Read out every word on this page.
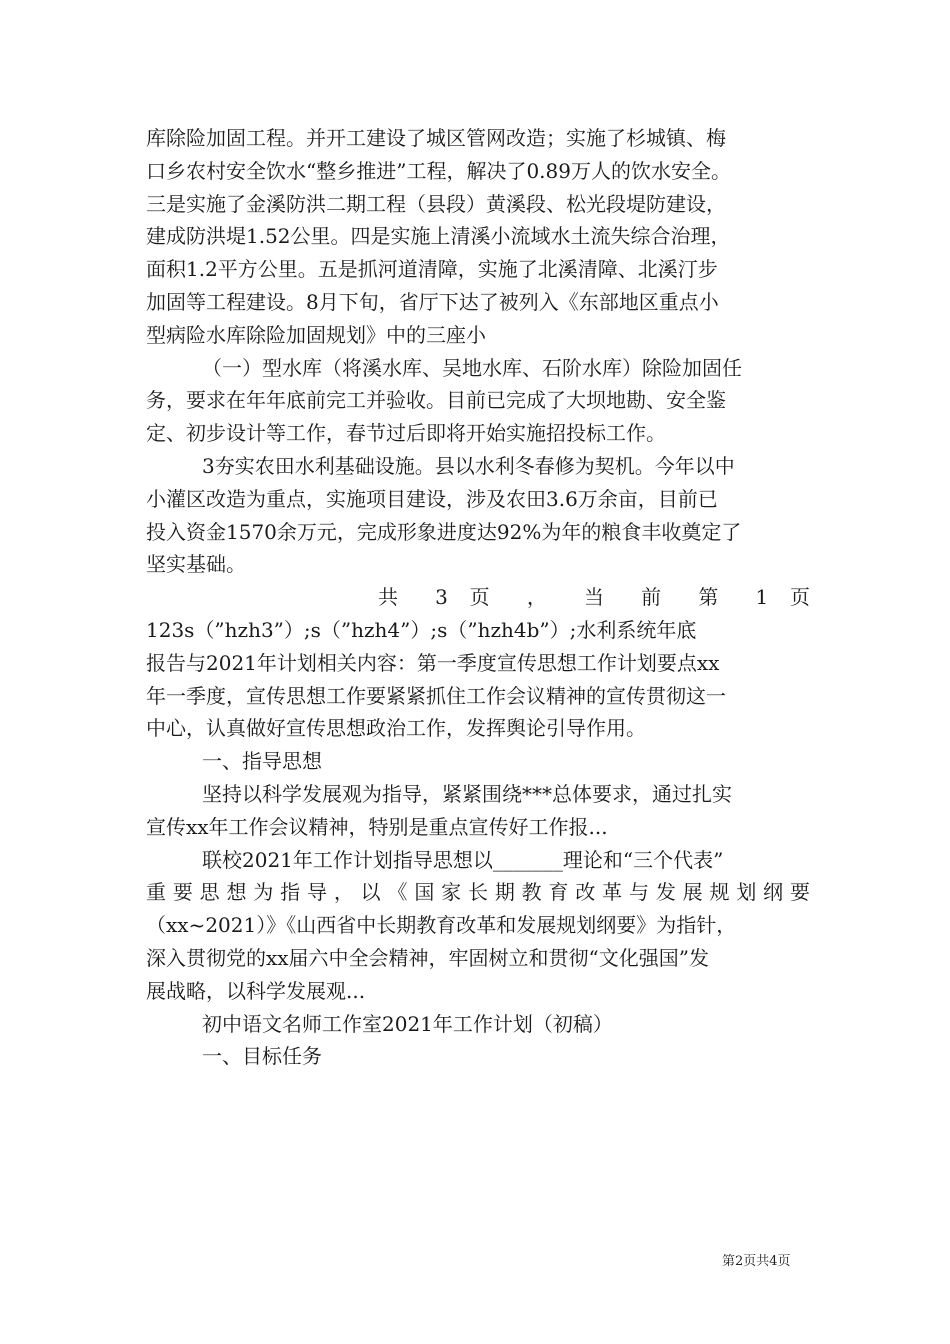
库除险加固工程。并开工建设了城区管网改造；实施了杉城镇、梅

口乡农村安全饮水“整乡推进”工程，解决了0.89万人的饮水安全。

三是实施了金溪防洪二期工程（县段）黄溪段、松光段堤防建设，

建成防洪堤1.52公里。四是实施上清溪小流域水土流失综合治理，

面积1.2平方公里。五是抓河道清障，实施了北溪清障、北溪汀步

加固等工程建设。8月下旬，省厅下达了被列入《东部地区重点小

型病险水库除险加固规划》中的三座小

（一）型水库（将溪水库、吴地水库、石阶水库）除险加固任

务，要求在年年底前完工并验收。目前已完成了大坝地勘、安全鉴

定、初步设计等工作，春节过后即将开始实施招投标工作。

3夯实农田水利基础设施。县以水利冬春修为契机。今年以中

小灌区改造为重点，实施项目建设，涉及农田3.6万余亩，目前已

投入资金1570余万元，完成形象进度达92%为年的粮食丰收奠定了

坚实基础。

共 3 页 ， 当 前 第 1 页

123s（”hzh3”）;s（”hzh4”）;s（”hzh4b”）;水利系统年底

报告与2021年计划相关内容：第一季度宣传思想工作计划要点xx

年一季度，宣传思想工作要紧紧抓住工作会议精神的宣传贯彻这一

中心，认真做好宣传思想政治工作，发挥舆论引导作用。

一、指导思想

坚持以科学发展观为指导，紧紧围绕***总体要求，通过扎实

宣传xx年工作会议精神，特别是重点宣传好工作报...

联校2021年工作计划指导思想以_______理论和“三个代表”

重要思想为指导，以《国家长期教育改革与发展规划纲要

（xx~2021）》《山西省中长期教育改革和发展规划纲要》为指针，

深入贯彻党的xx届六中全会精神，牢固树立和贯彻“文化强国”发

展战略，以科学发展观...

初中语文名师工作室2021年工作计划（初稿）

一、目标任务

第2页共4页
